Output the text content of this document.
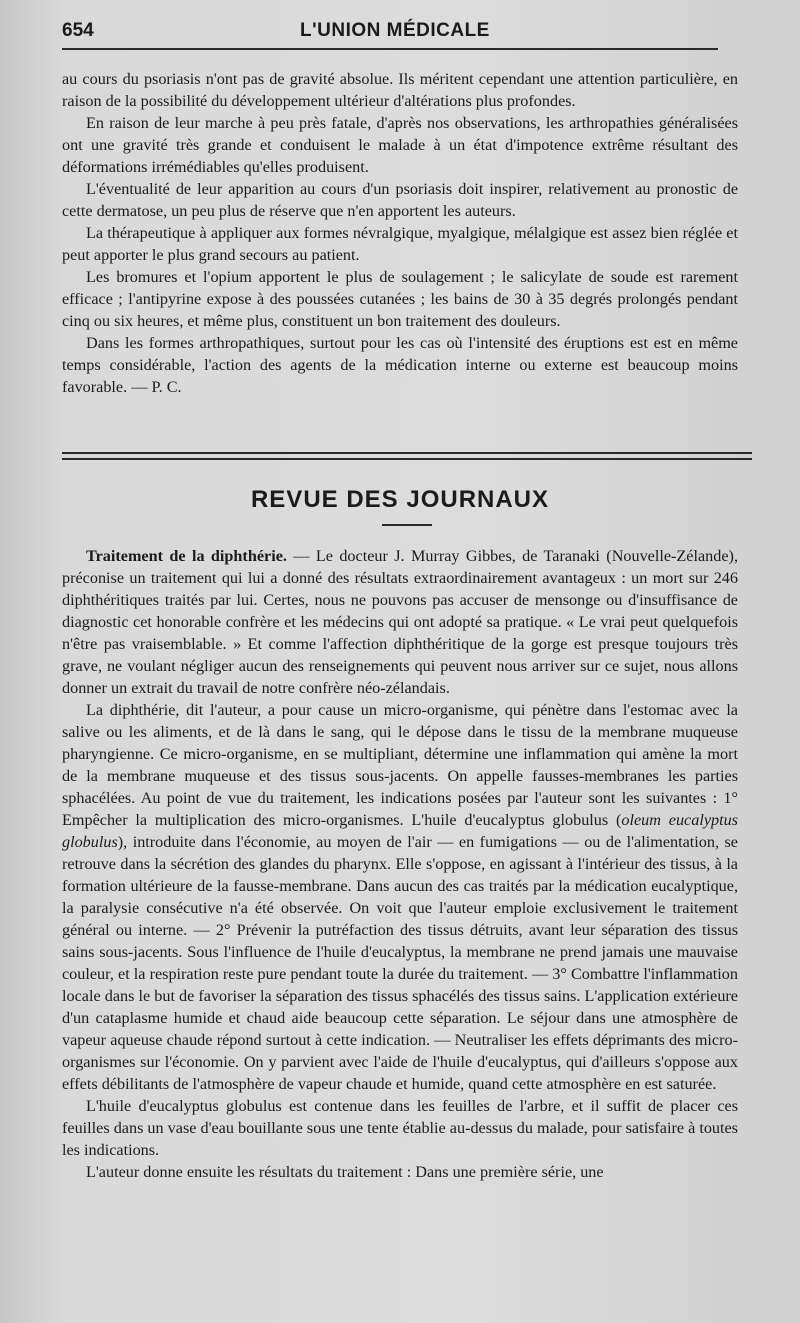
654	L'UNION MÉDICALE

au cours du psoriasis n'ont pas de gravité absolue. Ils méritent cependant une attention particulière, en raison de la possibilité du développement ultérieur d'altérations plus profondes.

En raison de leur marche à peu près fatale, d'après nos observations, les arthropathies généralisées ont une gravité très grande et conduisent le malade à un état d'impotence extrême résultant des déformations irrémédiables qu'elles produisent.

L'éventualité de leur apparition au cours d'un psoriasis doit inspirer, relativement au pronostic de cette dermatose, un peu plus de réserve que n'en apportent les auteurs.

La thérapeutique à appliquer aux formes névralgique, myalgique, mélalgique est assez bien réglée et peut apporter le plus grand secours au patient.

Les bromures et l'opium apportent le plus de soulagement ; le salicylate de soude est rarement efficace ; l'antipyrine expose à des poussées cutanées ; les bains de 30 à 35 degrés prolongés pendant cinq ou six heures, et même plus, constituent un bon traitement des douleurs.

Dans les formes arthropathiques, surtout pour les cas où l'intensité des éruptions est est en même temps considérable, l'action des agents de la médication interne ou externe est beaucoup moins favorable. — P. C.

REVUE DES JOURNAUX

Traitement de la diphthérie. — Le docteur J. Murray Gibbes, de Taranaki (Nouvelle-Zélande), préconise un traitement qui lui a donné des résultats extraordinairement avantageux : un mort sur 246 diphthéritiques traités par lui. Certes, nous ne pouvons pas accuser de mensonge ou d'insuffisance de diagnostic cet honorable confrère et les médecins qui ont adopté sa pratique. « Le vrai peut quelquefois n'être pas vraisemblable. » Et comme l'affection diphthéritique de la gorge est presque toujours très grave, ne voulant négliger aucun des renseignements qui peuvent nous arriver sur ce sujet, nous allons donner un extrait du travail de notre confrère néo-zélandais.

La diphthérie, dit l'auteur, a pour cause un micro-organisme, qui pénètre dans l'estomac avec la salive ou les aliments, et de là dans le sang, qui le dépose dans le tissu de la membrane muqueuse pharyngienne. Ce micro-organisme, en se multipliant, détermine une inflammation qui amène la mort de la membrane muqueuse et des tissus sous-jacents. On appelle fausses-membranes les parties sphacélées. Au point de vue du traitement, les indications posées par l'auteur sont les suivantes : 1° Empêcher la multiplication des micro-organismes. L'huile d'eucalyptus globulus (oleum eucalyptus globulus), introduite dans l'économie, au moyen de l'air — en fumigations — ou de l'alimentation, se retrouve dans la sécrétion des glandes du pharynx. Elle s'oppose, en agissant à l'intérieur des tissus, à la formation ultérieure de la fausse-membrane. Dans aucun des cas traités par la médication eucalyptique, la paralysie consécutive n'a été observée. On voit que l'auteur emploie exclusivement le traitement général ou interne. — 2° Prévenir la putréfaction des tissus détruits, avant leur séparation des tissus sains sous-jacents. Sous l'influence de l'huile d'eucalyptus, la membrane ne prend jamais une mauvaise couleur, et la respiration reste pure pendant toute la durée du traitement. — 3° Combattre l'inflammation locale dans le but de favoriser la séparation des tissus sphacélés des tissus sains. L'application extérieure d'un cataplasme humide et chaud aide beaucoup cette séparation. Le séjour dans une atmosphère de vapeur aqueuse chaude répond surtout à cette indication. — Neutraliser les effets déprimants des micro-organismes sur l'économie. On y parvient avec l'aide de l'huile d'eucalyptus, qui d'ailleurs s'oppose aux effets débilitants de l'atmosphère de vapeur chaude et humide, quand cette atmosphère en est saturée.

L'huile d'eucalyptus globulus est contenue dans les feuilles de l'arbre, et il suffit de placer ces feuilles dans un vase d'eau bouillante sous une tente établie au-dessus du malade, pour satisfaire à toutes les indications.

L'auteur donne ensuite les résultats du traitement : Dans une première série, une
